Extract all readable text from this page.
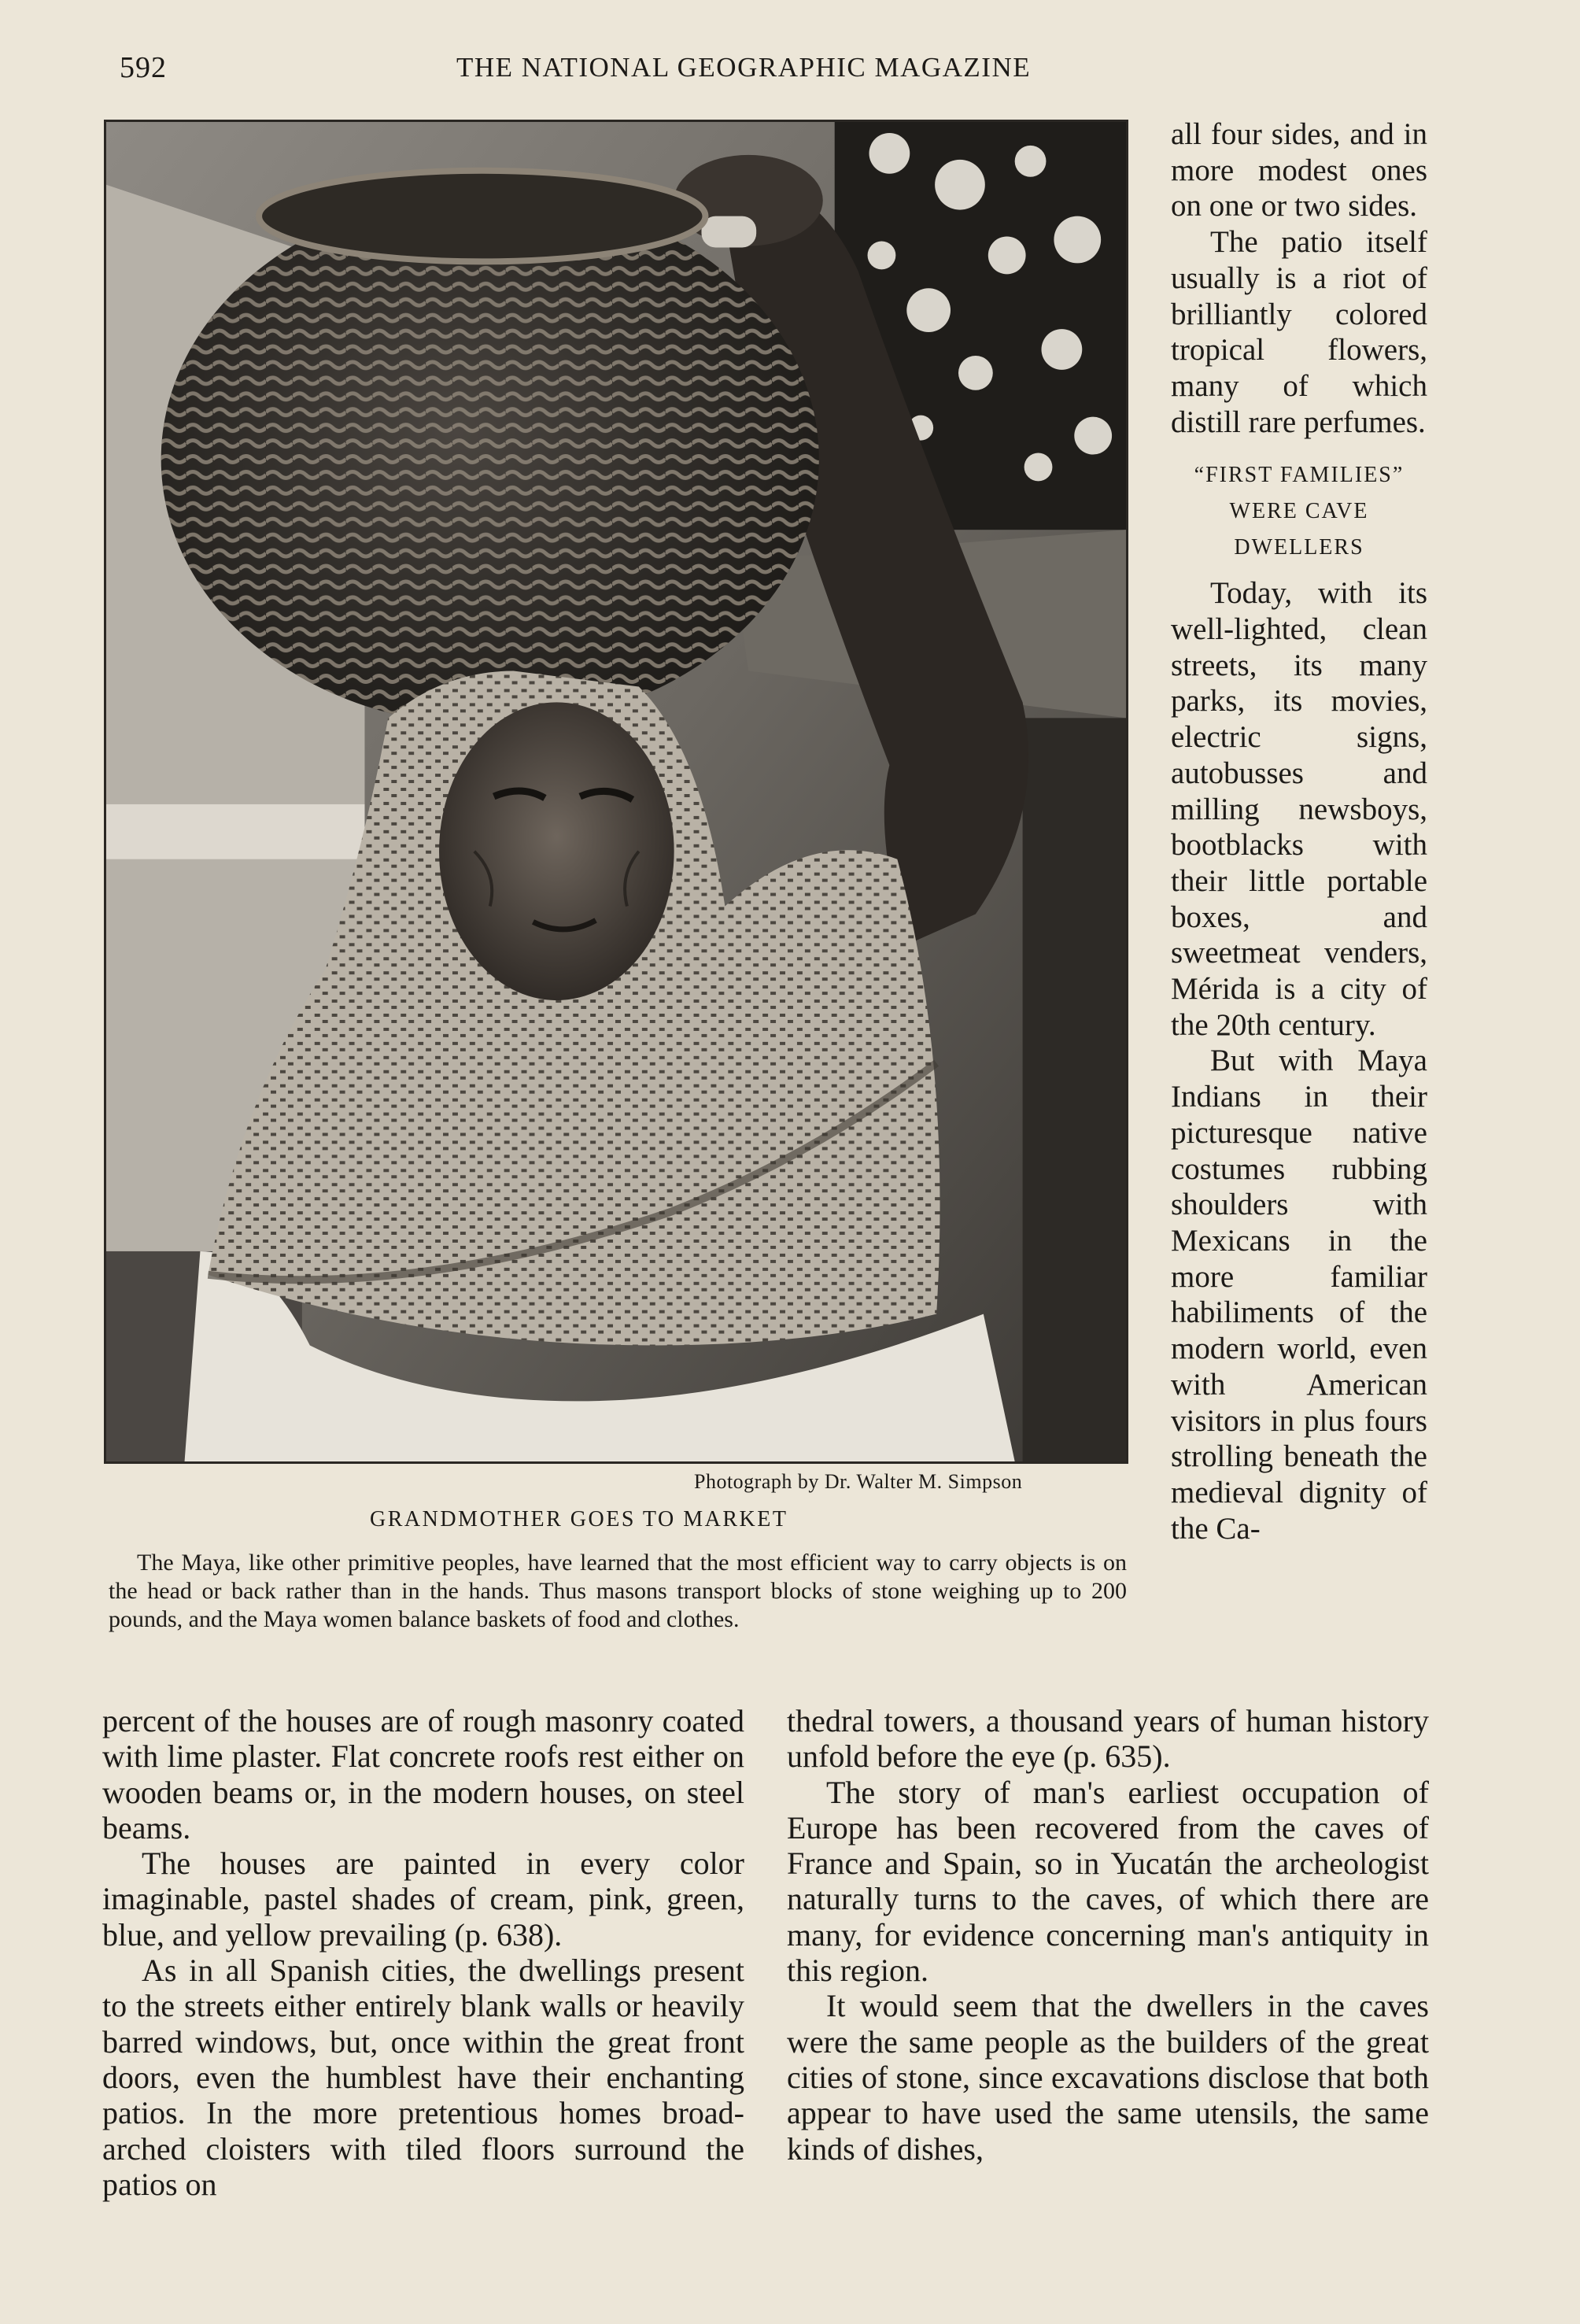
592	THE NATIONAL GEOGRAPHIC MAGAZINE
Photograph by Dr. Walter M. Simpson
GRANDMOTHER GOES TO MARKET

The Maya, like other primitive peoples, have learned that the most efficient way to carry objects is on the head or back rather than in the hands. Thus masons transport blocks of stone weighing up to 200 pounds, and the Maya women balance baskets of food and clothes.

all four sides, and in more modest ones on one or two sides.

The patio itself usually is a riot of brilliantly colored tropical flowers, many of which distill rare perfumes.

“FIRST FAMILIES”
WERE CAVE
DWELLERS

Today, with its well-lighted, clean streets, its many parks, its movies, electric signs, autobusses and milling newsboys, bootblacks with their little portable boxes, and sweetmeat venders, Mérida is a city of the 20th century.

But with Maya Indians in their picturesque native costumes rubbing shoulders with Mexicans in the more familiar habiliments of the modern world, even with American visitors in plus fours strolling beneath the medieval dignity of the Ca-

percent of the houses are of rough masonry coated with lime plaster. Flat concrete roofs rest either on wooden beams or, in the modern houses, on steel beams.

The houses are painted in every color imaginable, pastel shades of cream, pink, green, blue, and yellow prevailing (p. 638).

As in all Spanish cities, the dwellings present to the streets either entirely blank walls or heavily barred windows, but, once within the great front doors, even the humblest have their enchanting patios. In the more pretentious homes broad-arched cloisters with tiled floors surround the patios on

thedral towers, a thousand years of human history unfold before the eye (p. 635).

The story of man's earliest occupation of Europe has been recovered from the caves of France and Spain, so in Yucatán the archeologist naturally turns to the caves, of which there are many, for evidence concerning man's antiquity in this region.

It would seem that the dwellers in the caves were the same people as the builders of the great cities of stone, since excavations disclose that both appear to have used the same utensils, the same kinds of dishes,
